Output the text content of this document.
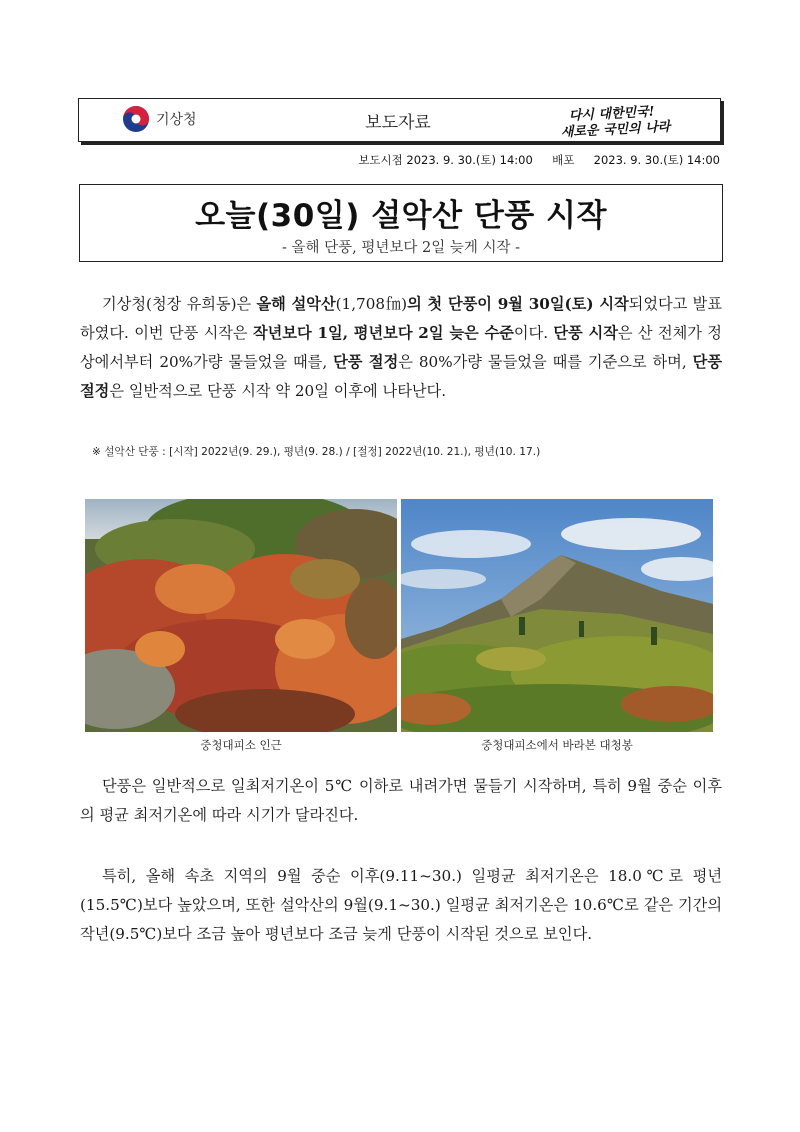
기상청	보도자료	다시 대한민국!
새로운 국민의 나라
보도시점 2023. 9. 30.(토) 14:00 배포 2023. 9. 30.(토) 14:00
오늘(30일) 설악산 단풍 시작
- 올해 단풍, 평년보다 2일 늦게 시작 -
기상청(청장 유희동)은 올해 설악산(1,708㎙)의 첫 단풍이 9월 30일(토) 시작되었다고 발표하였다. 이번 단풍 시작은 작년보다 1일, 평년보다 2일 늦은 수준이다. 단풍 시작은 산 전체가 정상에서부터 20%가량 물들었을 때를, 단풍 절정은 80%가량 물들었을 때를 기준으로 하며, 단풍 절정은 일반적으로 단풍 시작 약 20일 이후에 나타난다.
※ 설악산 단풍 : [시작] 2022년(9. 29.), 평년(9. 28.) / [절정] 2022년(10. 21.), 평년(10. 17.)
중청대피소 인근	중청대피소에서 바라본 대청봉
단풍은 일반적으로 일최저기온이 5℃ 이하로 내려가면 물들기 시작하며, 특히 9월 중순 이후의 평균 최저기온에 따라 시기가 달라진다.
특히, 올해 속초 지역의 9월 중순 이후(9.11~30.) 일평균 최저기온은 18.0℃로 평년(15.5℃)보다 높았으며, 또한 설악산의 9월(9.1~30.) 일평균 최저기온은 10.6℃로 같은 기간의 작년(9.5℃)보다 조금 높아 평년보다 조금 늦게 단풍이 시작된 것으로 보인다.
